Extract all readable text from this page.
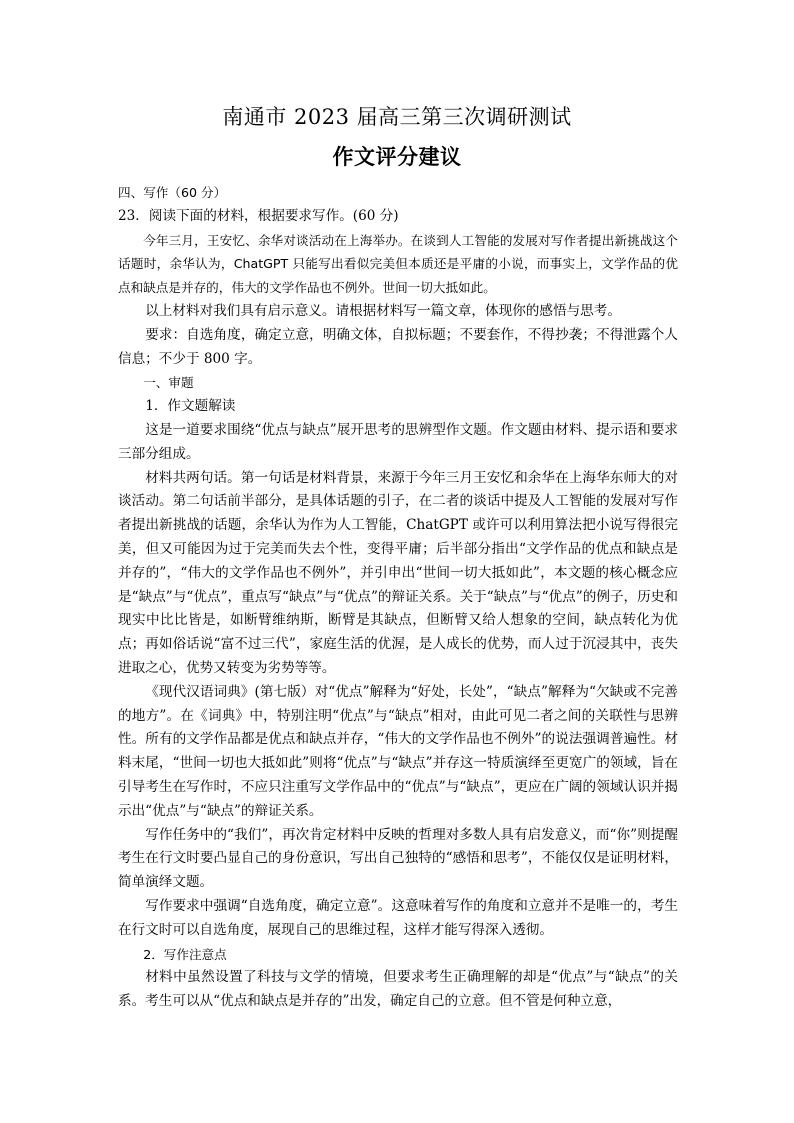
南通市 2023 届高三第三次调研测试
作文评分建议

四、写作（60 分）

23．阅读下面的材料，根据要求写作。(60 分)

今年三月，王安忆、余华对谈活动在上海举办。在谈到人工智能的发展对写作者提出新挑战这个话题时，余华认为，ChatGPT 只能写出看似完美但本质还是平庸的小说，而事实上，文学作品的优点和缺点是并存的，伟大的文学作品也不例外。世间一切大抵如此。

以上材料对我们具有启示意义。请根据材料写一篇文章，体现你的感悟与思考。

要求：自选角度，确定立意，明确文体，自拟标题；不要套作，不得抄袭；不得泄露个人信息；不少于 800 字。

一、审题

1．作文题解读

这是一道要求围绕“优点与缺点”展开思考的思辨型作文题。作文题由材料、提示语和要求三部分组成。

材料共两句话。第一句话是材料背景，来源于今年三月王安忆和余华在上海华东师大的对谈活动。第二句话前半部分，是具体话题的引子，在二者的谈话中提及人工智能的发展对写作者提出新挑战的话题，余华认为作为人工智能，ChatGPT 或许可以利用算法把小说写得很完美，但又可能因为过于完美而失去个性，变得平庸；后半部分指出“文学作品的优点和缺点是并存的”，“伟大的文学作品也不例外”，并引申出“世间一切大抵如此”，本文题的核心概念应是“缺点”与“优点”，重点写“缺点”与“优点”的辩证关系。关于“缺点”与“优点”的例子，历史和现实中比比皆是，如断臂维纳斯，断臂是其缺点，但断臂又给人想象的空间，缺点转化为优点；再如俗话说“富不过三代”，家庭生活的优渥，是人成长的优势，而人过于沉浸其中，丧失进取之心，优势又转变为劣势等等。

《现代汉语词典》(第七版）对“优点”解释为“好处，长处”，“缺点”解释为“欠缺或不完善的地方”。在《词典》中，特别注明“优点”与“缺点”相对，由此可见二者之间的关联性与思辨性。所有的文学作品都是优点和缺点并存，“伟大的文学作品也不例外”的说法强调普遍性。材料末尾，“世间一切也大抵如此”则将“优点”与“缺点”并存这一特质演绎至更宽广的领域，旨在引导考生在写作时，不应只注重写文学作品中的“优点”与“缺点”，更应在广阔的领域认识并揭示出“优点”与“缺点”的辩证关系。

写作任务中的“我们”，再次肯定材料中反映的哲理对多数人具有启发意义，而“你”则提醒考生在行文时要凸显自己的身份意识，写出自己独特的“感悟和思考”，不能仅仅是证明材料，简单演绎文题。

写作要求中强调“自选角度，确定立意”。这意味着写作的角度和立意并不是唯一的，考生在行文时可以自选角度，展现自己的思维过程，这样才能写得深入透彻。

2．写作注意点

材料中虽然设置了科技与文学的情境，但要求考生正确理解的却是“优点”与“缺点”的关系。考生可以从“优点和缺点是并存的”出发，确定自己的立意。但不管是何种立意，
